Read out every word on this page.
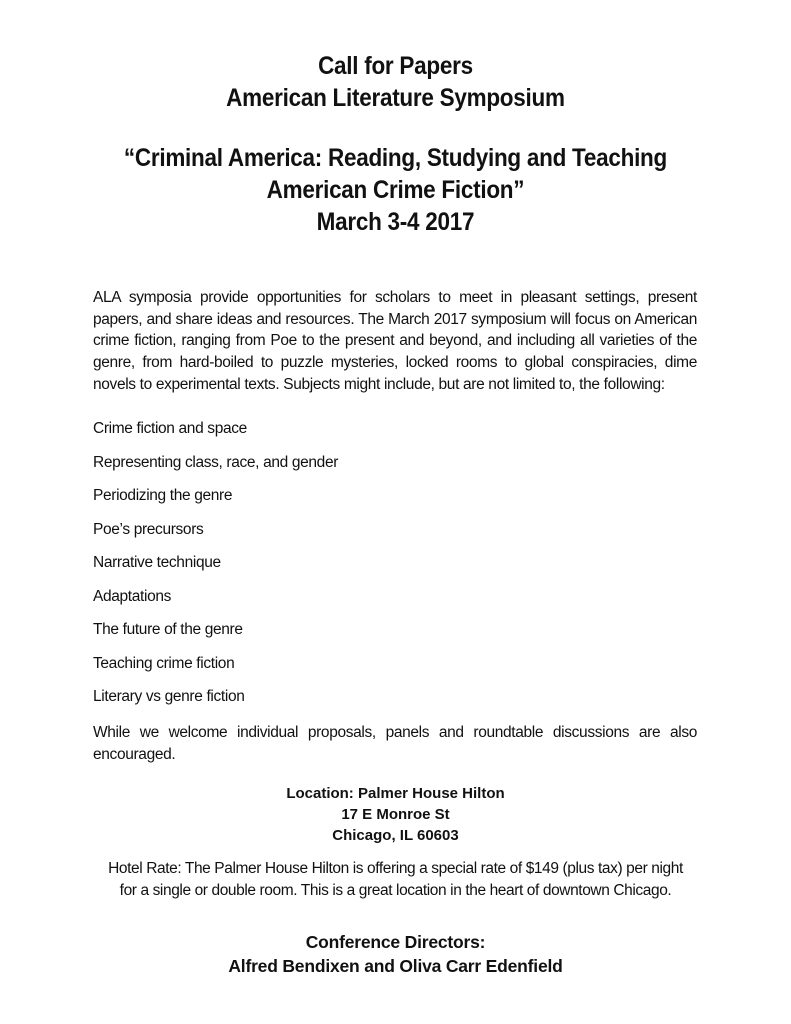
Call for Papers
American Literature Symposium
“Criminal America: Reading, Studying and Teaching
American Crime Fiction”
March 3-4 2017

ALA symposia provide opportunities for scholars to meet in pleasant settings, present papers, and share ideas and resources. The March 2017 symposium will focus on American crime fiction, ranging from Poe to the present and beyond, and including all varieties of the genre, from hard-boiled to puzzle mysteries, locked rooms to global conspiracies, dime novels to experimental texts. Subjects might include, but are not limited to, the following:

Crime fiction and space
Representing class, race, and gender
Periodizing the genre
Poe’s precursors
Narrative technique
Adaptations
The future of the genre
Teaching crime fiction
Literary vs genre fiction

While we welcome individual proposals, panels and roundtable discussions are also encouraged.

Location: Palmer House Hilton
17 E Monroe St
Chicago, IL 60603
Hotel Rate: The Palmer House Hilton is offering a special rate of $149 (plus tax) per night
for a single or double room. This is a great location in the heart of downtown Chicago.
Conference Directors:
Alfred Bendixen and Oliva Carr Edenfield
